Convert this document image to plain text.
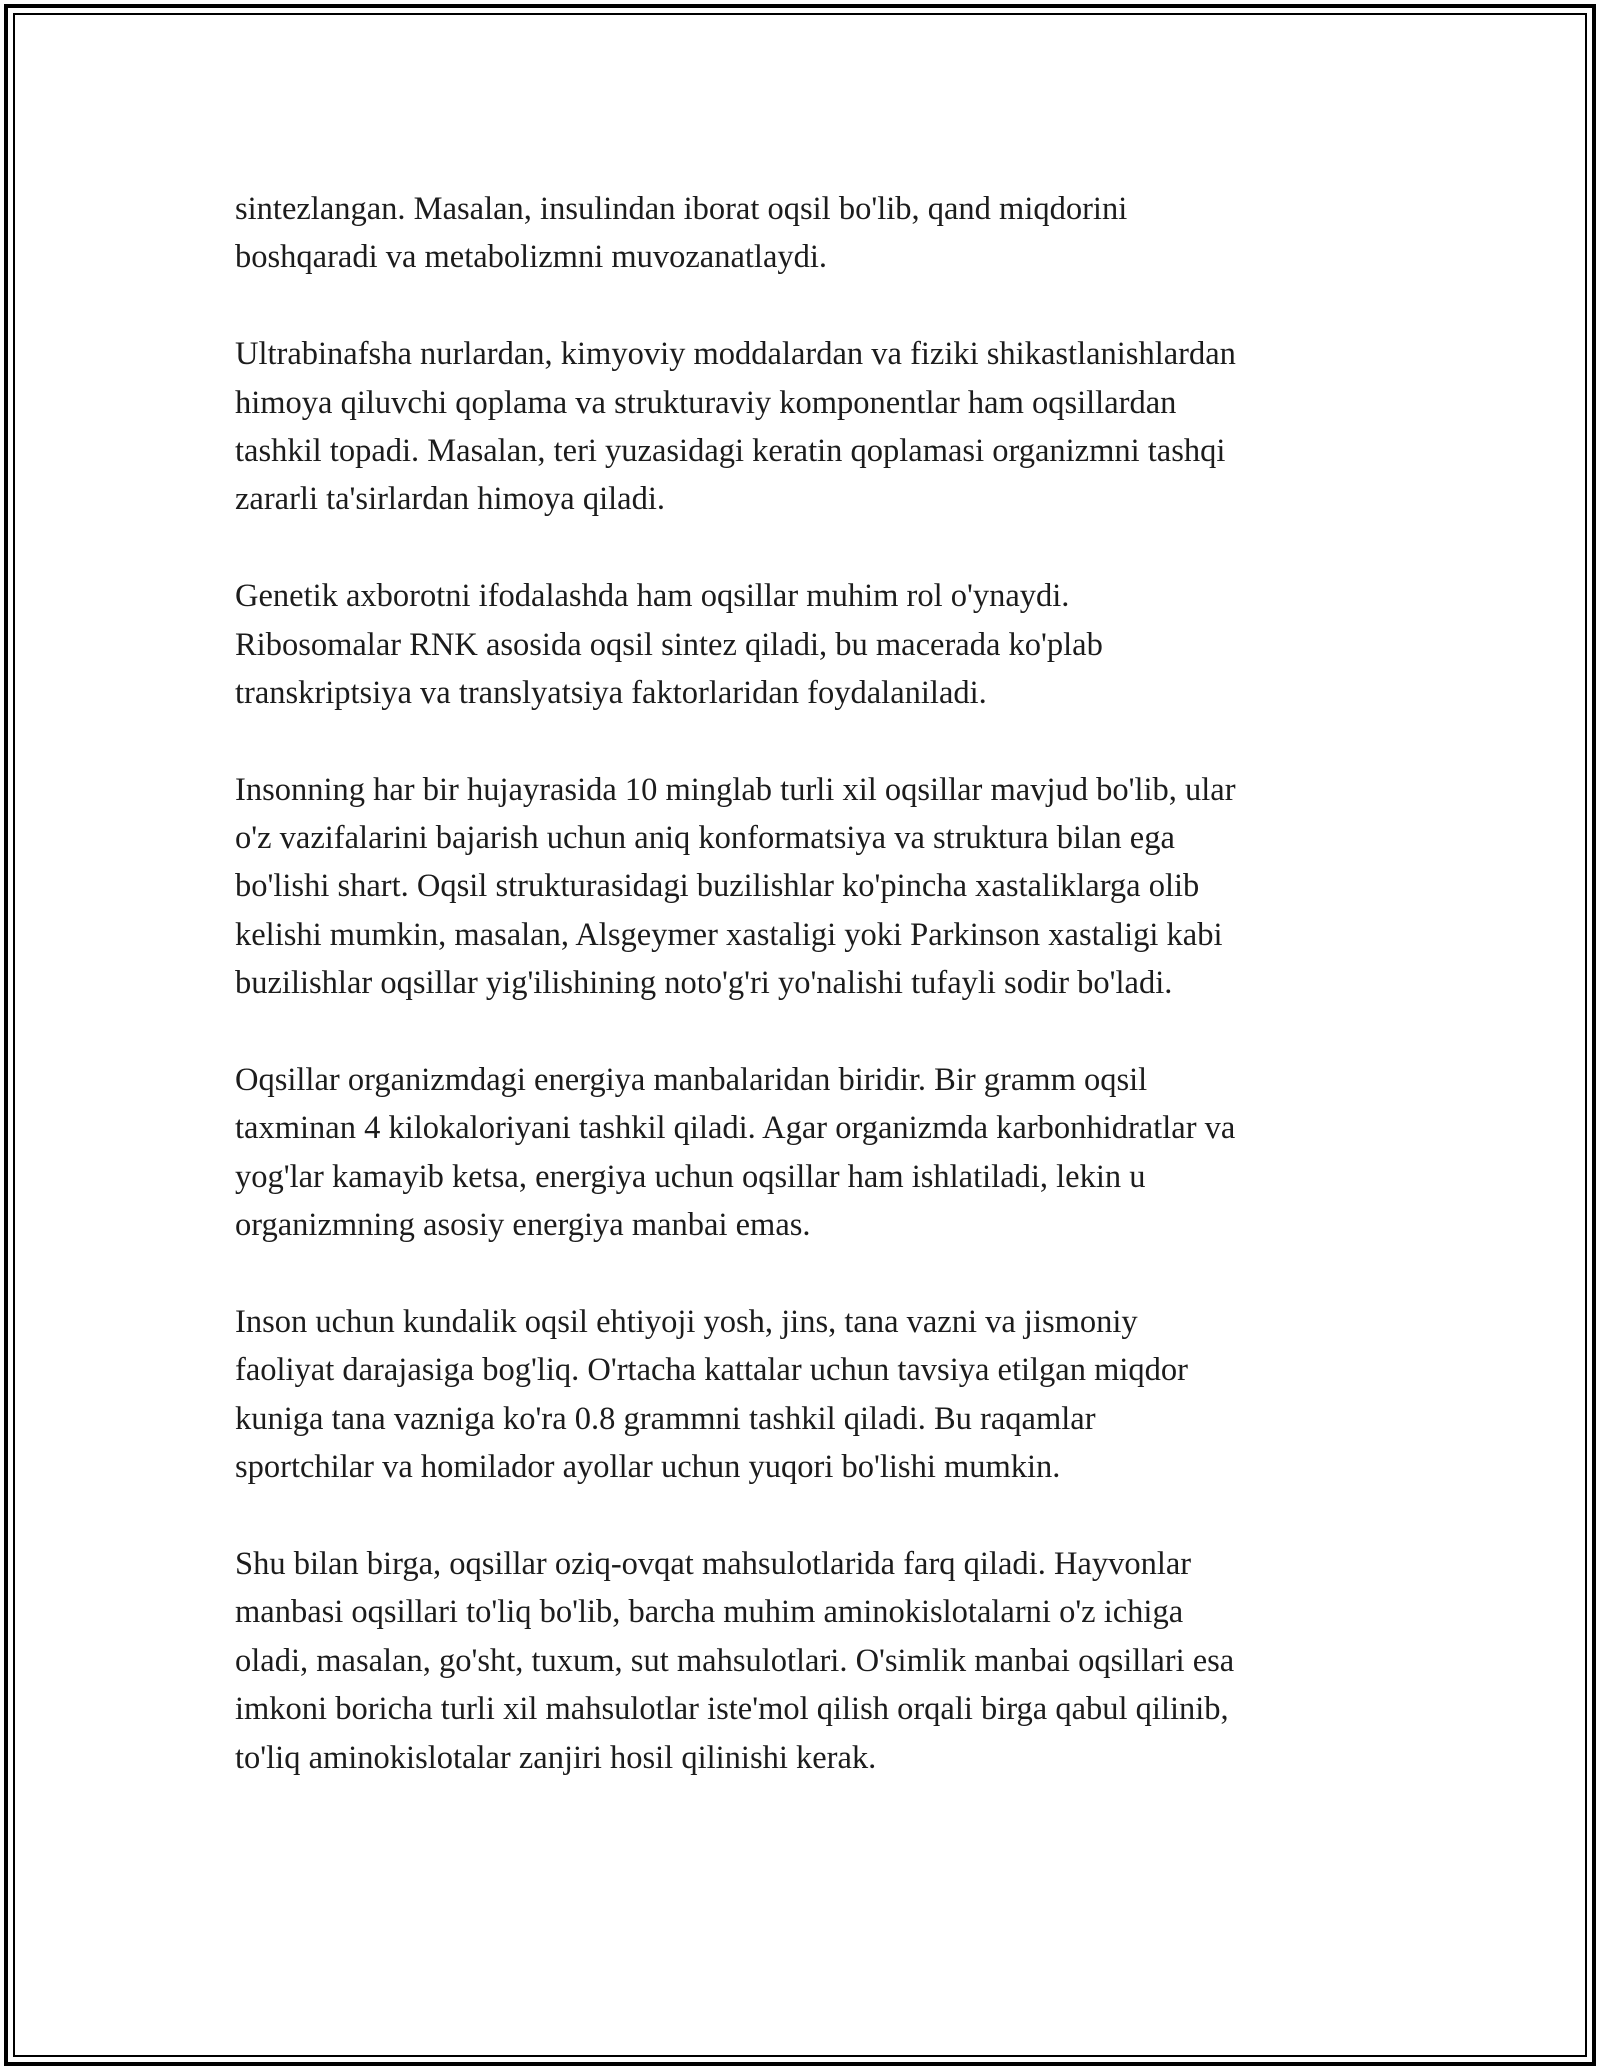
sintezlangan. Masalan, insulindan iborat oqsil bo'lib, qand miqdorini
boshqaradi va metabolizmni muvozanatlaydi.
Ultrabinafsha nurlardan, kimyoviy moddalardan va fiziki shikastlanishlardan
himoya qiluvchi qoplama va strukturaviy komponentlar ham oqsillardan
tashkil topadi. Masalan, teri yuzasidagi keratin qoplamasi organizmni tashqi
zararli ta'sirlardan himoya qiladi.
Genetik axborotni ifodalashda ham oqsillar muhim rol o'ynaydi.
Ribosomalar RNK asosida oqsil sintez qiladi, bu macerada ko'plab
transkriptsiya va translyatsiya faktorlaridan foydalaniladi.
Insonning har bir hujayrasida 10 minglab turli xil oqsillar mavjud bo'lib, ular
o'z vazifalarini bajarish uchun aniq konformatsiya va struktura bilan ega
bo'lishi shart. Oqsil strukturasidagi buzilishlar ko'pincha xastaliklarga olib
kelishi mumkin, masalan, Alsgeymer xastaligi yoki Parkinson xastaligi kabi
buzilishlar oqsillar yig'ilishining noto'g'ri yo'nalishi tufayli sodir bo'ladi.
Oqsillar organizmdagi energiya manbalaridan biridir. Bir gramm oqsil
taxminan 4 kilokaloriyani tashkil qiladi. Agar organizmda karbonhidratlar va
yog'lar kamayib ketsa, energiya uchun oqsillar ham ishlatiladi, lekin u
organizmning asosiy energiya manbai emas.
Inson uchun kundalik oqsil ehtiyoji yosh, jins, tana vazni va jismoniy
faoliyat darajasiga bog'liq. O'rtacha kattalar uchun tavsiya etilgan miqdor
kuniga tana vazniga ko'ra 0.8 grammni tashkil qiladi. Bu raqamlar
sportchilar va homilador ayollar uchun yuqori bo'lishi mumkin.
Shu bilan birga, oqsillar oziq-ovqat mahsulotlarida farq qiladi. Hayvonlar
manbasi oqsillari to'liq bo'lib, barcha muhim aminokislotalarni o'z ichiga
oladi, masalan, go'sht, tuxum, sut mahsulotlari. O'simlik manbai oqsillari esa
imkoni boricha turli xil mahsulotlar iste'mol qilish orqali birga qabul qilinib,
to'liq aminokislotalar zanjiri hosil qilinishi kerak.
